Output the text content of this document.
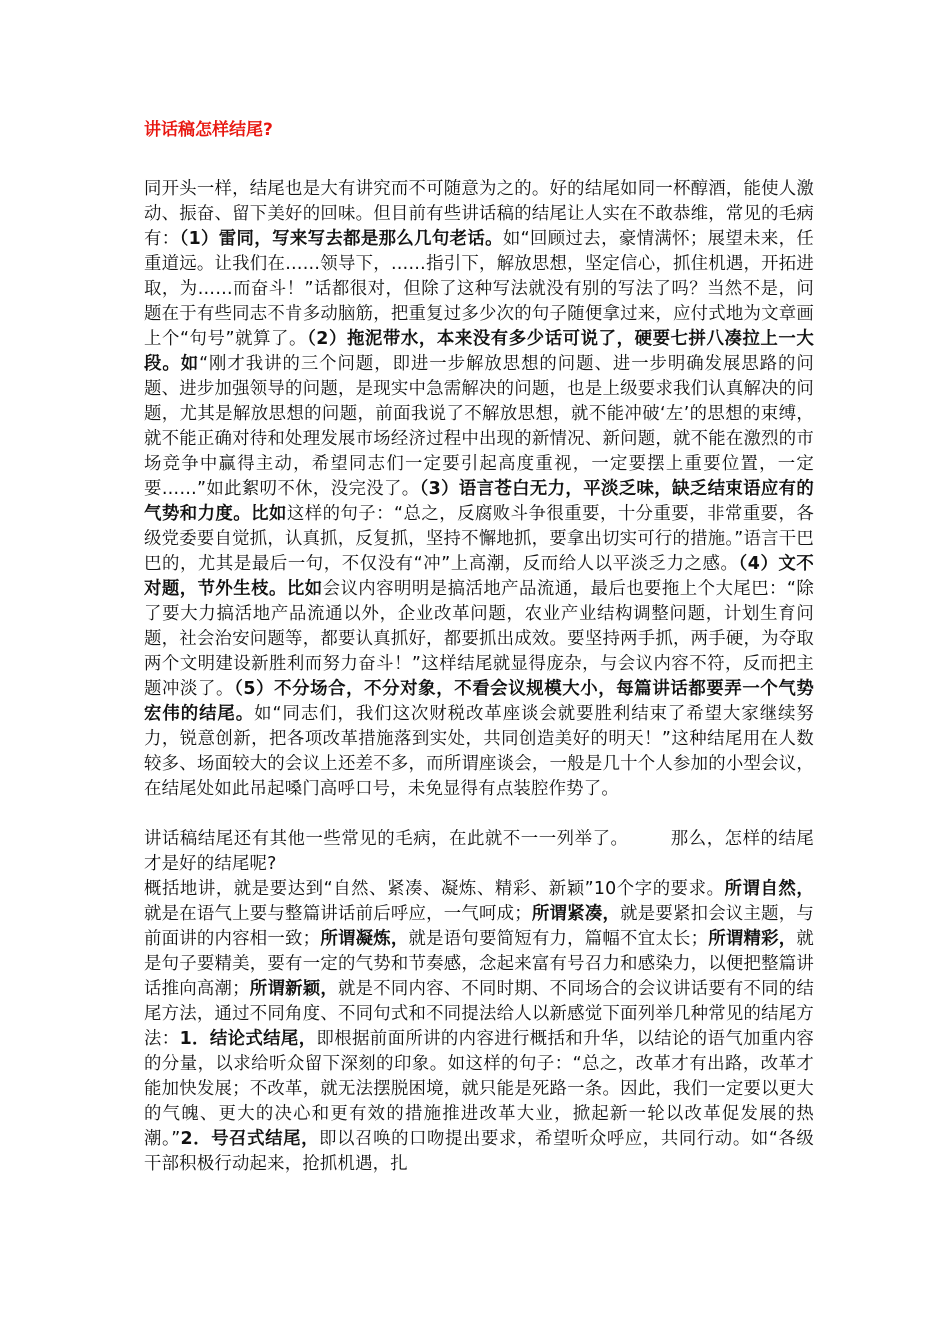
讲话稿怎样结尾?

同开头一样，结尾也是大有讲究而不可随意为之的。好的结尾如同一杯醇酒，能使人激动、振奋、留下美好的回味。但目前有些讲话稿的结尾让人实在不敢恭维，常见的毛病有：（1）雷同，写来写去都是那么几句老话。如“回顾过去，豪情满怀；展望未来，任重道远。让我们在……领导下，……指引下，解放思想，坚定信心，抓住机遇，开拓进取，为……而奋斗！”话都很对，但除了这种写法就没有别的写法了吗？当然不是，问题在于有些同志不肯多动脑筋，把重复过多少次的句子随便拿过来，应付式地为文章画上个“句号”就算了。（2）拖泥带水，本来没有多少话可说了，硬要七拼八凑拉上一大段。如“刚才我讲的三个问题，即进一步解放思想的问题、进一步明确发展思路的问题、进步加强领导的问题，是现实中急需解决的问题，也是上级要求我们认真解决的问题，尤其是解放思想的问题，前面我说了不解放思想，就不能冲破‘左’的思想的束缚，就不能正确对待和处理发展市场经济过程中出现的新情况、新问题，就不能在激烈的市场竞争中赢得主动，希望同志们一定要引起高度重视，一定要摆上重要位置，一定要……”如此絮叨不休，没完没了。（3）语言苍白无力，平淡乏味，缺乏结束语应有的气势和力度。比如这样的句子：“总之，反腐败斗争很重要，十分重要，非常重要，各级党委要自觉抓，认真抓，反复抓，坚持不懈地抓，要拿出切实可行的措施。”语言干巴巴的，尤其是最后一句，不仅没有“冲”上高潮，反而给人以平淡乏力之感。（4）文不对题，节外生枝。比如会议内容明明是搞活地产品流通，最后也要拖上个大尾巴：“除了要大力搞活地产品流通以外，企业改革问题，农业产业结构调整问题，计划生育问题，社会治安问题等，都要认真抓好，都要抓出成效。要坚持两手抓，两手硬，为夺取两个文明建设新胜利而努力奋斗！”这样结尾就显得庞杂，与会议内容不符，反而把主题冲淡了。（5）不分场合，不分对象，不看会议规模大小，每篇讲话都要弄一个气势宏伟的结尾。如“同志们，我们这次财税改革座谈会就要胜利结束了希望大家继续努力，锐意创新，把各项改革措施落到实处，共同创造美好的明天！”这种结尾用在人数较多、场面较大的会议上还差不多，而所谓座谈会，一般是几十个人参加的小型会议，在结尾处如此吊起嗓门高呼口号，未免显得有点装腔作势了。

讲话稿结尾还有其他一些常见的毛病，在此就不一一列举了。 那么，怎样的结尾才是好的结尾呢?

概括地讲，就是要达到“自然、紧凑、凝炼、精彩、新颖”10个字的要求。所谓自然，就是在语气上要与整篇讲话前后呼应，一气呵成；所谓紧凑，就是要紧扣会议主题，与前面讲的内容相一致；所谓凝炼，就是语句要简短有力，篇幅不宜太长；所谓精彩，就是句子要精美，要有一定的气势和节奏感，念起来富有号召力和感染力，以便把整篇讲话推向高潮；所谓新颖，就是不同内容、不同时期、不同场合的会议讲话要有不同的结尾方法，通过不同角度、不同句式和不同提法给人以新感觉下面列举几种常见的结尾方法：1．结论式结尾，即根据前面所讲的内容进行概括和升华，以结论的语气加重内容的分量，以求给听众留下深刻的印象。如这样的句子：“总之，改革才有出路，改革才能加快发展；不改革，就无法摆脱困境，就只能是死路一条。因此，我们一定要以更大的气魄、更大的决心和更有效的措施推进改革大业，掀起新一轮以改革促发展的热潮。”2．号召式结尾，即以召唤的口吻提出要求，希望听众呼应，共同行动。如“各级干部积极行动起来，抢抓机遇，扎
